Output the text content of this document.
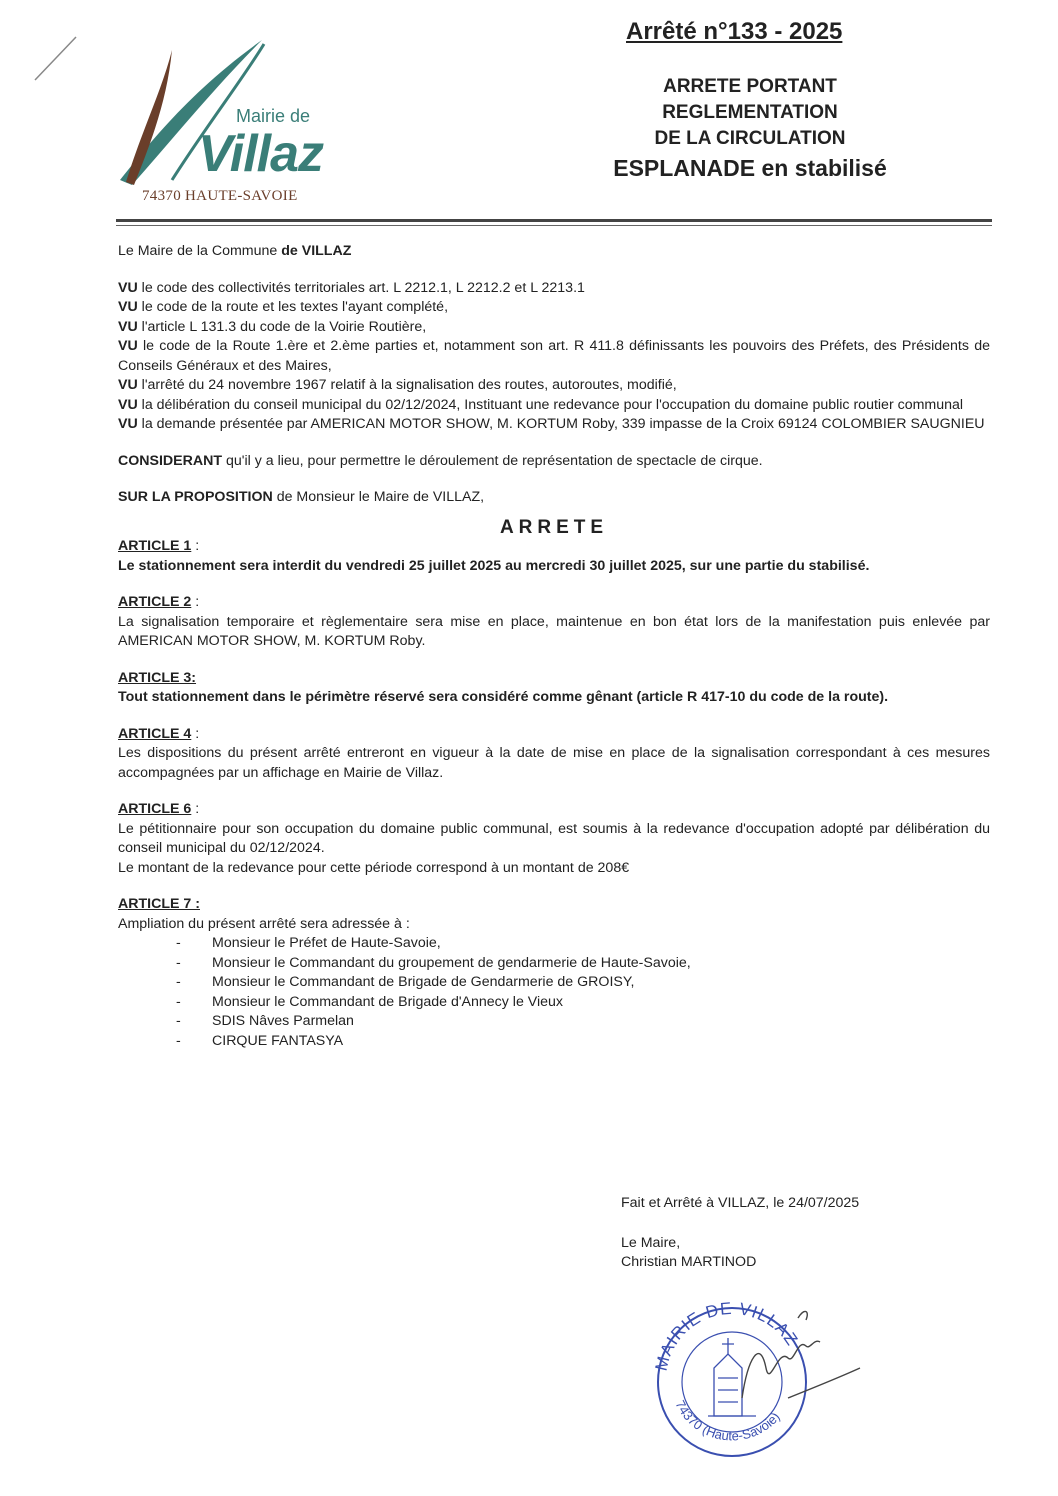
Mairie de
Villaz
74370 HAUTE-SAVOIE
Arrêté n°133 - 2025
ARRETE PORTANT
REGLEMENTATION
DE LA CIRCULATION
ESPLANADE en stabilisé

Le Maire de la Commune de VILLAZ

VU le code des collectivités territoriales art. L 2212.1, L 2212.2 et L 2213.1

VU le code de la route et les textes l'ayant complété,

VU l'article L 131.3 du code de la Voirie Routière,

VU le code de la Route 1.ère et 2.ème parties et, notamment son art. R 411.8 définissants les pouvoirs des Préfets, des Présidents de Conseils Généraux et des Maires,

VU l'arrêté du 24 novembre 1967 relatif à la signalisation des routes, autoroutes, modifié,

VU la délibération du conseil municipal du 02/12/2024, Instituant une redevance pour l'occupation du domaine public routier communal

VU la demande présentée par AMERICAN MOTOR SHOW, M. KORTUM Roby, 339 impasse de la Croix 69124 COLOMBIER SAUGNIEU

CONSIDERANT qu'il y a lieu, pour permettre le déroulement de représentation de spectacle de cirque.

SUR LA PROPOSITION de Monsieur le Maire de VILLAZ,

ARRETE

ARTICLE 1 :

Le stationnement sera interdit du vendredi 25 juillet 2025 au mercredi 30 juillet 2025, sur une partie du stabilisé.

ARTICLE 2 :

La signalisation temporaire et règlementaire sera mise en place, maintenue en bon état lors de la manifestation puis enlevée par AMERICAN MOTOR SHOW, M. KORTUM Roby.

ARTICLE 3:

Tout stationnement dans le périmètre réservé sera considéré comme gênant (article R 417-10 du code de la route).

ARTICLE 4 :

Les dispositions du présent arrêté entreront en vigueur à la date de mise en place de la signalisation correspondant à ces mesures accompagnées par un affichage en Mairie de Villaz.

ARTICLE 6 :

Le pétitionnaire pour son occupation du domaine public communal, est soumis à la redevance d'occupation adopté par délibération du conseil municipal du 02/12/2024.

Le montant de la redevance pour cette période correspond à un montant de 208€

ARTICLE 7 :

Ampliation du présent arrêté sera adressée à :

- Monsieur le Préfet de Haute-Savoie,
- Monsieur le Commandant du groupement de gendarmerie de Haute-Savoie,
- Monsieur le Commandant de Brigade de Gendarmerie de GROISY,
- Monsieur le Commandant de Brigade d'Annecy le Vieux
- SDIS Nâves Parmelan
- CIRQUE FANTASYA

Fait et Arrêté à VILLAZ, le 24/07/2025

Le Maire,

Christian MARTINOD

MAIRIE DE VILLAZ
74370 (Haute-Savoie)
